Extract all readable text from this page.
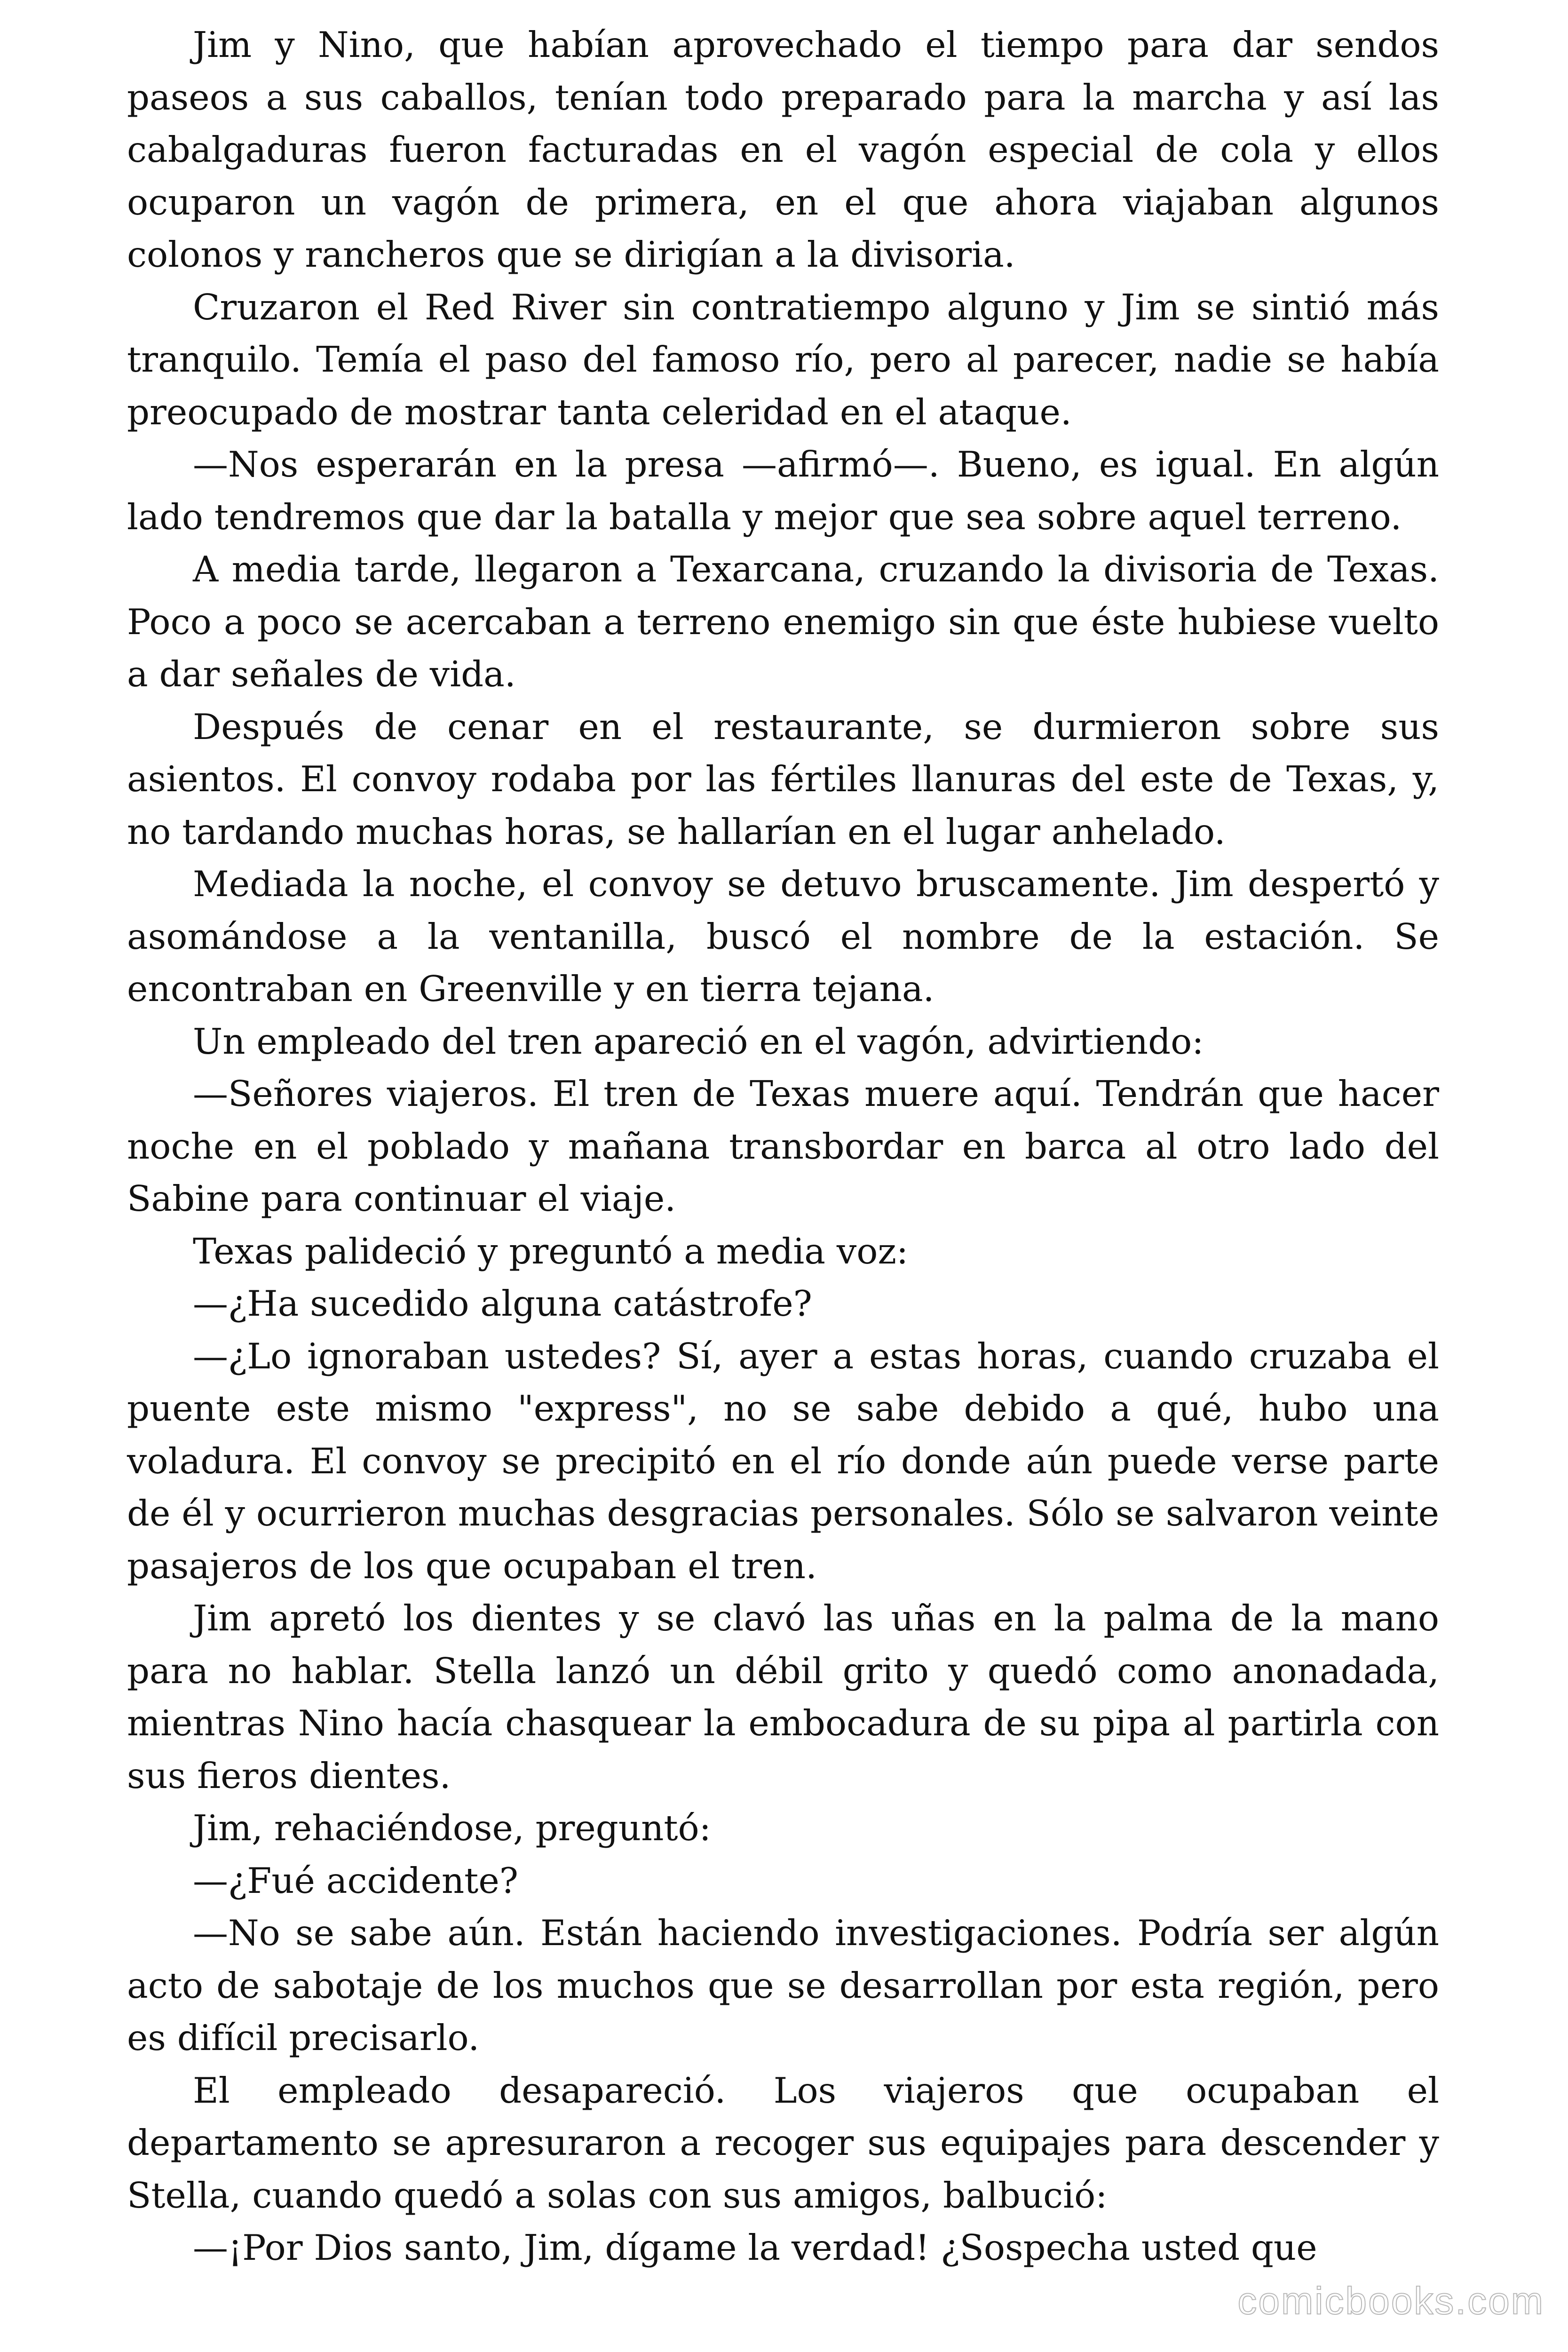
Jim y Nino, que habían aprovechado el tiempo para dar sendos paseos a sus caballos, tenían todo preparado para la marcha y así las cabalgaduras fueron facturadas en el vagón especial de cola y ellos ocuparon un vagón de primera, en el que ahora viajaban algunos colonos y rancheros que se dirigían a la divisoria.

Cruzaron el Red River sin contratiempo alguno y Jim se sintió más tranquilo. Temía el paso del famoso río, pero al parecer, nadie se había preocupado de mostrar tanta celeridad en el ataque.

—Nos esperarán en la presa —afirmó—. Bueno, es igual. En algún lado tendremos que dar la batalla y mejor que sea sobre aquel terreno.

A media tarde, llegaron a Texarcana, cruzando la divisoria de Texas. Poco a poco se acercaban a terreno enemigo sin que éste hubiese vuelto a dar señales de vida.

Después de cenar en el restaurante, se durmieron sobre sus asientos. El convoy rodaba por las fértiles llanuras del este de Texas, y, no tardando muchas horas, se hallarían en el lugar anhelado.

Mediada la noche, el convoy se detuvo bruscamente. Jim despertó y asomándose a la ventanilla, buscó el nombre de la estación. Se encontraban en Greenville y en tierra tejana.

Un empleado del tren apareció en el vagón, advirtiendo:

—Señores viajeros. El tren de Texas muere aquí. Tendrán que hacer noche en el poblado y mañana transbordar en barca al otro lado del Sabine para continuar el viaje.

Texas palideció y preguntó a media voz:

—¿Ha sucedido alguna catástrofe?

—¿Lo ignoraban ustedes? Sí, ayer a estas horas, cuando cruzaba el puente este mismo "express", no se sabe debido a qué, hubo una voladura. El convoy se precipitó en el río donde aún puede verse parte de él y ocurrieron muchas desgracias personales. Sólo se salvaron veinte pasajeros de los que ocupaban el tren.

Jim apretó los dientes y se clavó las uñas en la palma de la mano para no hablar. Stella lanzó un débil grito y quedó como anonadada, mientras Nino hacía chasquear la embocadura de su pipa al partirla con sus fieros dientes.

Jim, rehaciéndose, preguntó:

—¿Fué accidente?

—No se sabe aún. Están haciendo investigaciones. Podría ser algún acto de sabotaje de los muchos que se desarrollan por esta región, pero es difícil precisarlo.

El empleado desapareció. Los viajeros que ocupaban el departamento se apresuraron a recoger sus equipajes para descender y Stella, cuando quedó a solas con sus amigos, balbució:

—¡Por Dios santo, Jim, dígame la verdad! ¿Sospecha usted que

comicbooks.com
